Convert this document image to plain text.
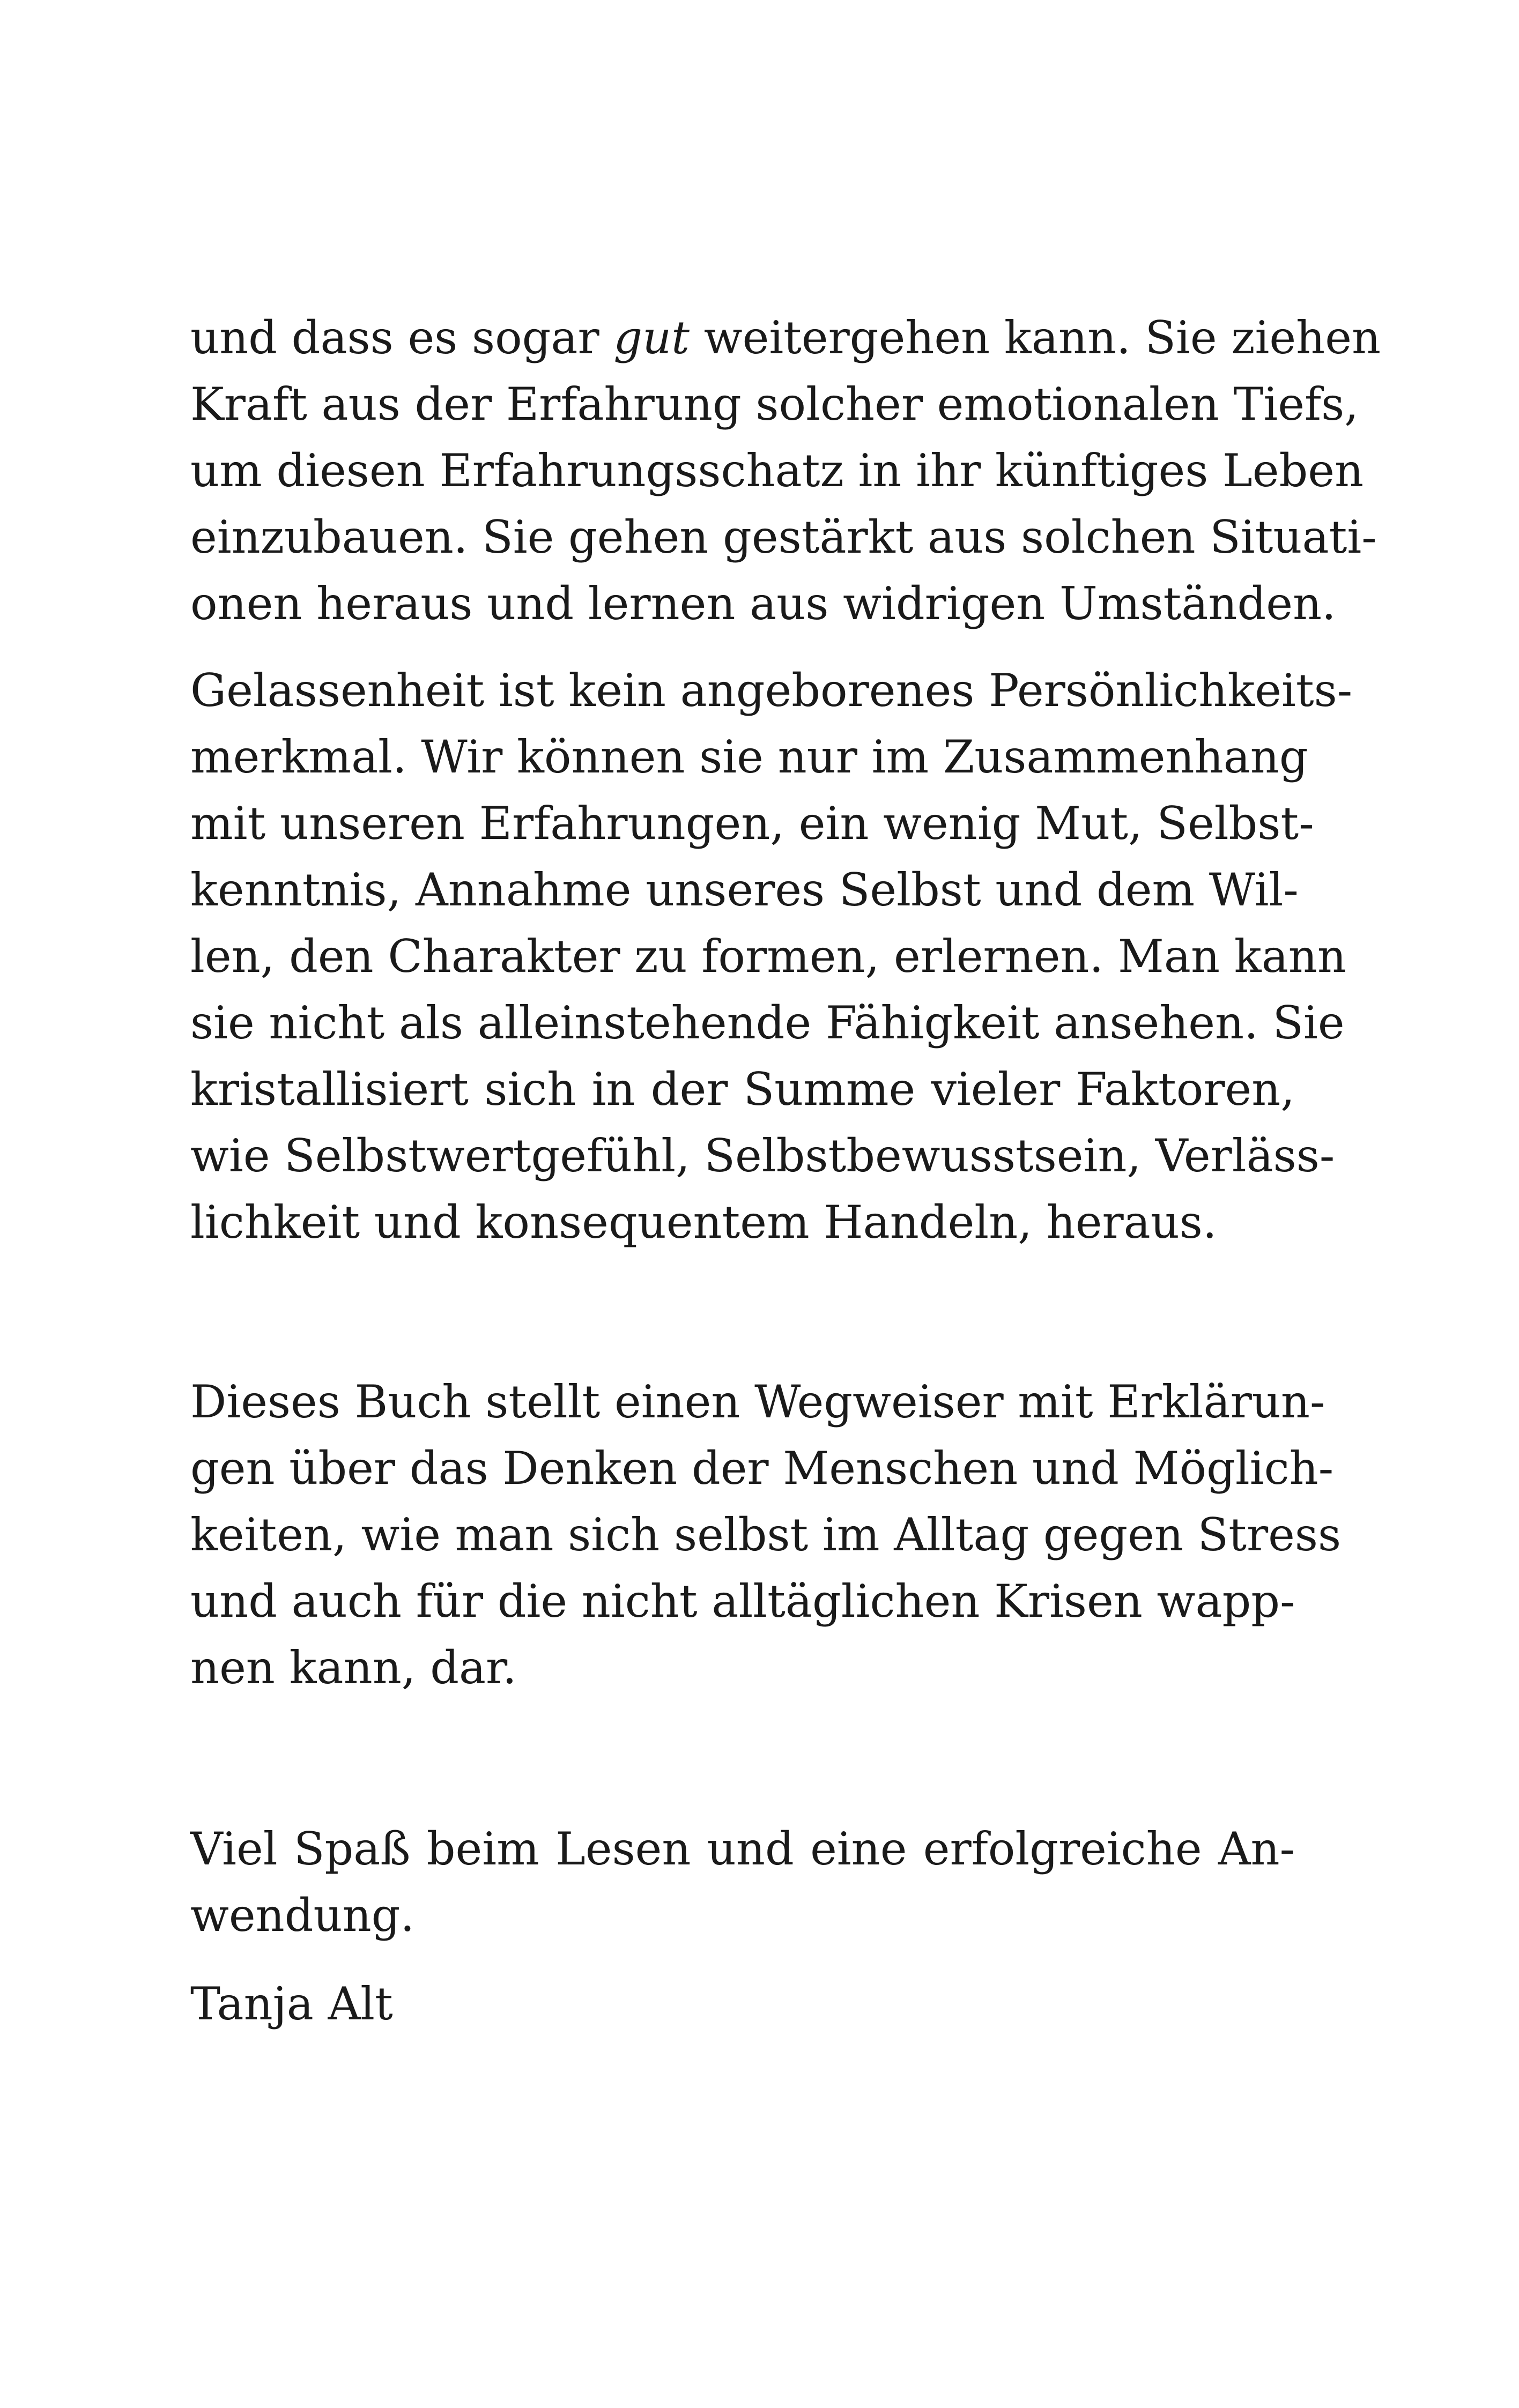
und dass es sogar gut weitergehen kann. Sie ziehen
Kraft aus der Erfahrung solcher emotionalen Tiefs,
um diesen Erfahrungsschatz in ihr künftiges Leben
einzubauen. Sie gehen gestärkt aus solchen Situati-
onen heraus und lernen aus widrigen Umständen.
Gelassenheit ist kein angeborenes Persönlichkeits-
merkmal. Wir können sie nur im Zusammenhang
mit unseren Erfahrungen, ein wenig Mut, Selbst-
kenntnis, Annahme unseres Selbst und dem Wil-
len, den Charakter zu formen, erlernen. Man kann
sie nicht als alleinstehende Fähigkeit ansehen. Sie
kristallisiert sich in der Summe vieler Faktoren,
wie Selbstwertgefühl, Selbstbewusstsein, Verläss-
lichkeit und konsequentem Handeln, heraus.
Dieses Buch stellt einen Wegweiser mit Erklärun-
gen über das Denken der Menschen und Möglich-
keiten, wie man sich selbst im Alltag gegen Stress
und auch für die nicht alltäglichen Krisen wapp-
nen kann, dar.
Viel Spaß beim Lesen und eine erfolgreiche An-
wendung.
Tanja Alt
